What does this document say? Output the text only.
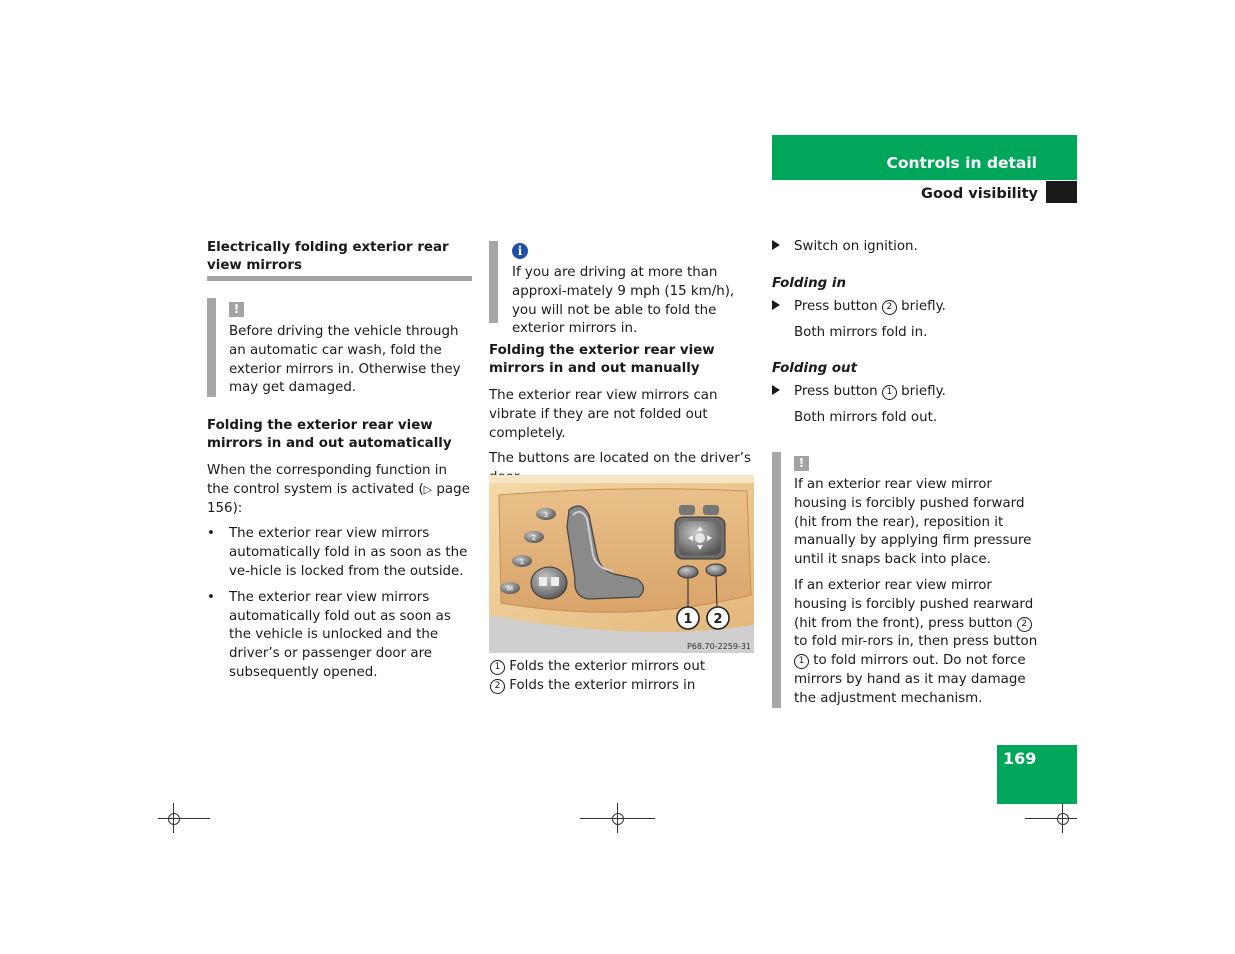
Controls in detail
Good visibility

Electrically folding exterior rear view mirrors

!

Before driving the vehicle through an automatic car wash, fold the exterior mirrors in. Otherwise they may get damaged.

Folding the exterior rear view mirrors in and out automatically

When the corresponding function in the control system is activated (▷ page 156):

• The exterior rear view mirrors automatically fold in as soon as the ve-hicle is locked from the outside.
• The exterior rear view mirrors automatically fold out as soon as the vehicle is unlocked and the driver’s or passenger door are subsequently opened.
i

If you are driving at more than approxi-mately 9 mph (15 km/h), you will not be able to fold the exterior mirrors in.

Folding the exterior rear view mirrors in and out manually

The exterior rear view mirrors can vibrate if they are not folded out completely.

The buttons are located on the driver’s

3
2
1
M
1 2
P68.70-2259-31

1 Folds the exterior mirrors out

2 Folds the exterior mirrors in

Switch on ignition.

Folding in

Press button 2 briefly.

Both mirrors fold in.

Folding out

Press button 1 briefly.

Both mirrors fold out.

!

If an exterior rear view mirror housing is forcibly pushed forward (hit from the rear), reposition it manually by applying firm pressure until it snaps back into place.

If an exterior rear view mirror housing is forcibly pushed rearward (hit from the front), press button 2 to fold mir-rors in, then press button 1 to fold mirrors out. Do not force mirrors by hand as it may damage the adjustment mechanism.

169
